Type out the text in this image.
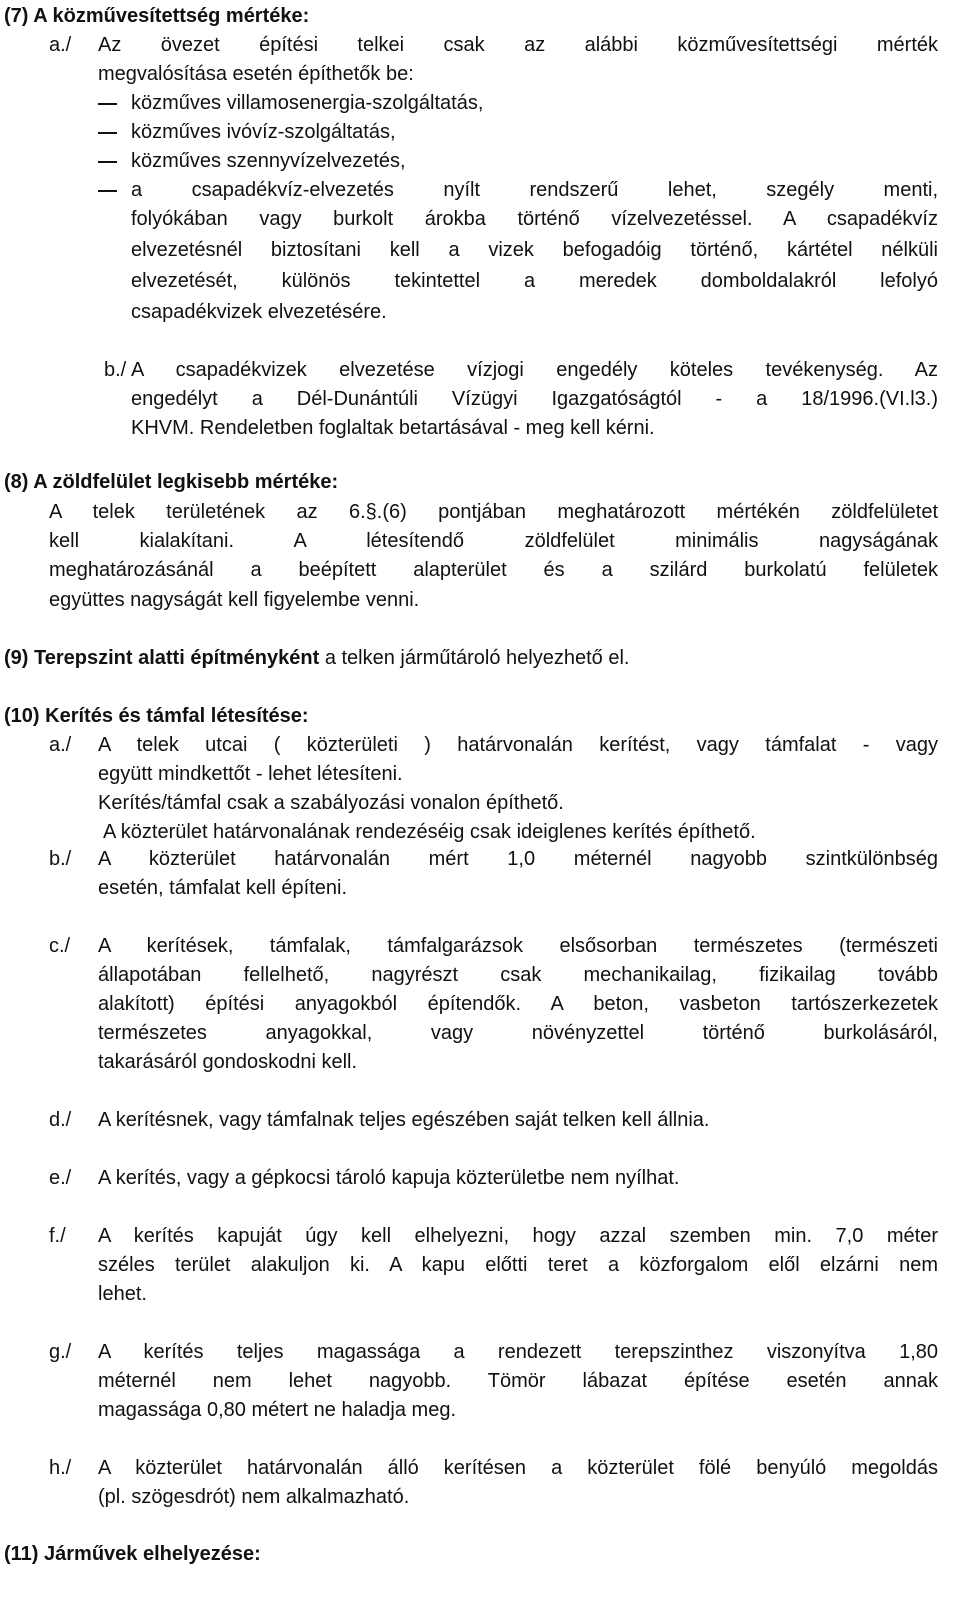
(7) A közművesítettség mértéke:
a./ Az övezet építési telkei csak az alábbi közművesítettségi mérték
megvalósítása esetén építhetők be:
közműves villamosenergia-szolgáltatás,
közműves ivóvíz-szolgáltatás,
közműves szennyvízelvezetés,
a csapadékvíz-elvezetés nyílt rendszerű lehet, szegély menti,
folyókában vagy burkolt árokba történő vízelvezetéssel. A csapadékvíz
elvezetésnél biztosítani kell a vizek befogadóig történő, kártétel nélküli
elvezetését, különös tekintettel a meredek domboldalakról lefolyó
csapadékvizek elvezetésére.
b./ A csapadékvizek elvezetése vízjogi engedély köteles tevékenység. Az
engedélyt a Dél-Dunántúli Vízügyi Igazgatóságtól - a 18/1996.(VI.l3.)
KHVM. Rendeletben foglaltak betartásával - meg kell kérni.
(8) A zöldfelület legkisebb mértéke:
A telek területének az 6.§.(6) pontjában meghatározott mértékén zöldfelületet
kell kialakítani. A létesítendő zöldfelület minimális nagyságának
meghatározásánál a beépített alapterület és a szilárd burkolatú felületek
együttes nagyságát kell figyelembe venni.
(9) Terepszint alatti építményként a telken járműtároló helyezhető el.
(10) Kerítés és támfal létesítése:
a./ A telek utcai ( közterületi ) határvonalán kerítést, vagy támfalat - vagy
együtt mindkettőt - lehet létesíteni.
Kerítés/támfal csak a szabályozási vonalon építhető.
A közterület határvonalának rendezéséig csak ideiglenes kerítés építhető.
b./ A közterület határvonalán mért 1,0 méternél nagyobb szintkülönbség
esetén, támfalat kell építeni.
c./ A kerítések, támfalak, támfalgarázsok elsősorban természetes (természeti
állapotában fellelhető, nagyrészt csak mechanikailag, fizikailag tovább
alakított) építési anyagokból építendők. A beton, vasbeton tartószerkezetek
természetes anyagokkal, vagy növényzettel történő burkolásáról,
takarásáról gondoskodni kell.
d./ A kerítésnek, vagy támfalnak teljes egészében saját telken kell állnia.
e./ A kerítés, vagy a gépkocsi tároló kapuja közterületbe nem nyílhat.
f./ A kerítés kapuját úgy kell elhelyezni, hogy azzal szemben min. 7,0 méter
széles terület alakuljon ki. A kapu előtti teret a közforgalom elől elzárni nem
lehet.
g./ A kerítés teljes magassága a rendezett terepszinthez viszonyítva 1,80
méternél nem lehet nagyobb. Tömör lábazat építése esetén annak
magassága 0,80 métert ne haladja meg.
h./ A közterület határvonalán álló kerítésen a közterület fölé benyúló megoldás
(pl. szögesdrót) nem alkalmazható.
(11) Járművek elhelyezése:
